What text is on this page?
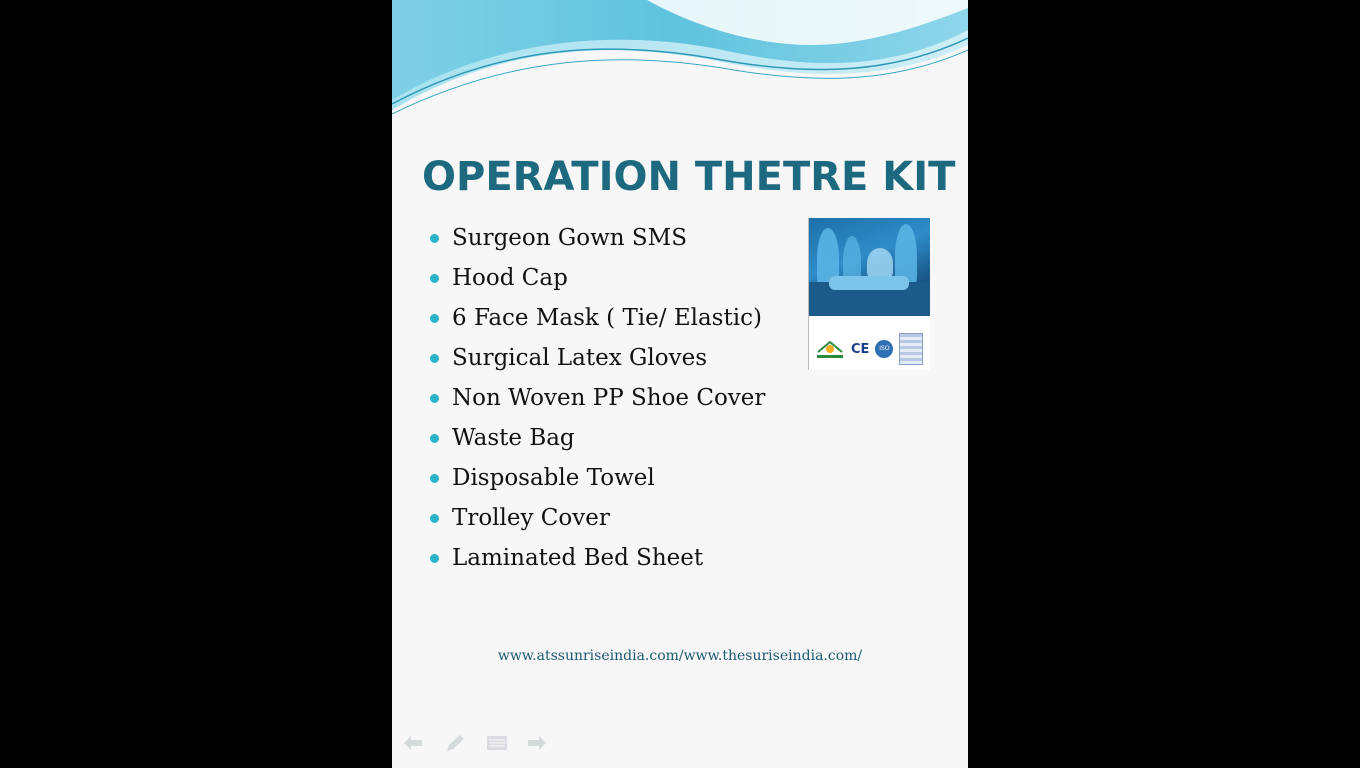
OPERATION THETRE KIT
Surgeon Gown SMS
Hood Cap
6 Face Mask ( Tie/ Elastic)
Surgical Latex Gloves
Non Woven PP Shoe Cover
Waste Bag
Disposable Towel
Trolley Cover
Laminated Bed Sheet
CE	ISO
www.atssunriseindia.com/www.thesuriseindia.com/
